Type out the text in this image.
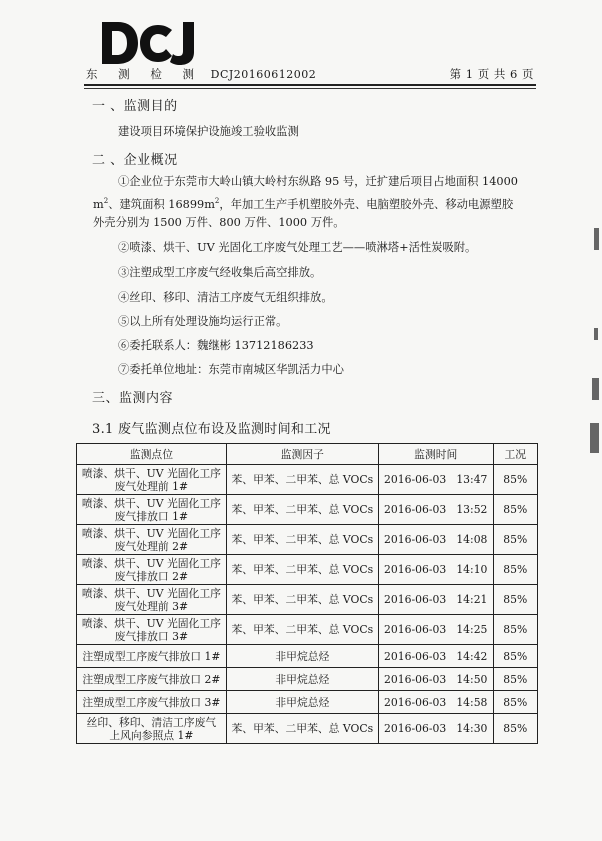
东 测 检 测 DCJ20160612002	第 1 页 共 6 页
一 、监测目的
建设项目环境保护设施竣工验收监测
二 、企业概况
①企业位于东莞市大岭山镇大岭村东纵路 95 号，迁扩建后项目占地面积 14000
$m^2$、建筑面积 $16899m^2$，年加工生产手机塑胶外壳、电脑塑胶外壳、移动电源塑胶
外壳分别为 1500 万件、800 万件、1000 万件。
②喷漆、烘干、UV 光固化工序废气处理工艺——喷淋塔+活性炭吸附。
③注塑成型工序废气经收集后高空排放。
④丝印、移印、清洁工序废气无组织排放。
⑤以上所有处理设施均运行正常。
⑥委托联系人：魏继彬 13712186233
⑦委托单位地址：东莞市南城区华凯活力中心
三、监测内容
3.1 废气监测点位布设及监测时间和工况
监测点位	监测因子	监测时间	工况

喷漆、烘干、UV 光固化工序
废气处理前 1#	苯、甲苯、二甲苯、总 VOCs	2016-06-03 13:47	85%

喷漆、烘干、UV 光固化工序
废气排放口 1#	苯、甲苯、二甲苯、总 VOCs	2016-06-03 13:52	85%

喷漆、烘干、UV 光固化工序
废气处理前 2#	苯、甲苯、二甲苯、总 VOCs	2016-06-03 14:08	85%

喷漆、烘干、UV 光固化工序
废气排放口 2#	苯、甲苯、二甲苯、总 VOCs	2016-06-03 14:10	85%

喷漆、烘干、UV 光固化工序
废气处理前 3#	苯、甲苯、二甲苯、总 VOCs	2016-06-03 14:21	85%

喷漆、烘干、UV 光固化工序
废气排放口 3#	苯、甲苯、二甲苯、总 VOCs	2016-06-03 14:25	85%

注塑成型工序废气排放口 1#	非甲烷总烃	2016-06-03 14:42	85%

注塑成型工序废气排放口 2#	非甲烷总烃	2016-06-03 14:50	85%

注塑成型工序废气排放口 3#	非甲烷总烃	2016-06-03 14:58	85%

丝印、移印、清洁工序废气
上风向参照点 1#	苯、甲苯、二甲苯、总 VOCs	2016-06-03 14:30	85%
